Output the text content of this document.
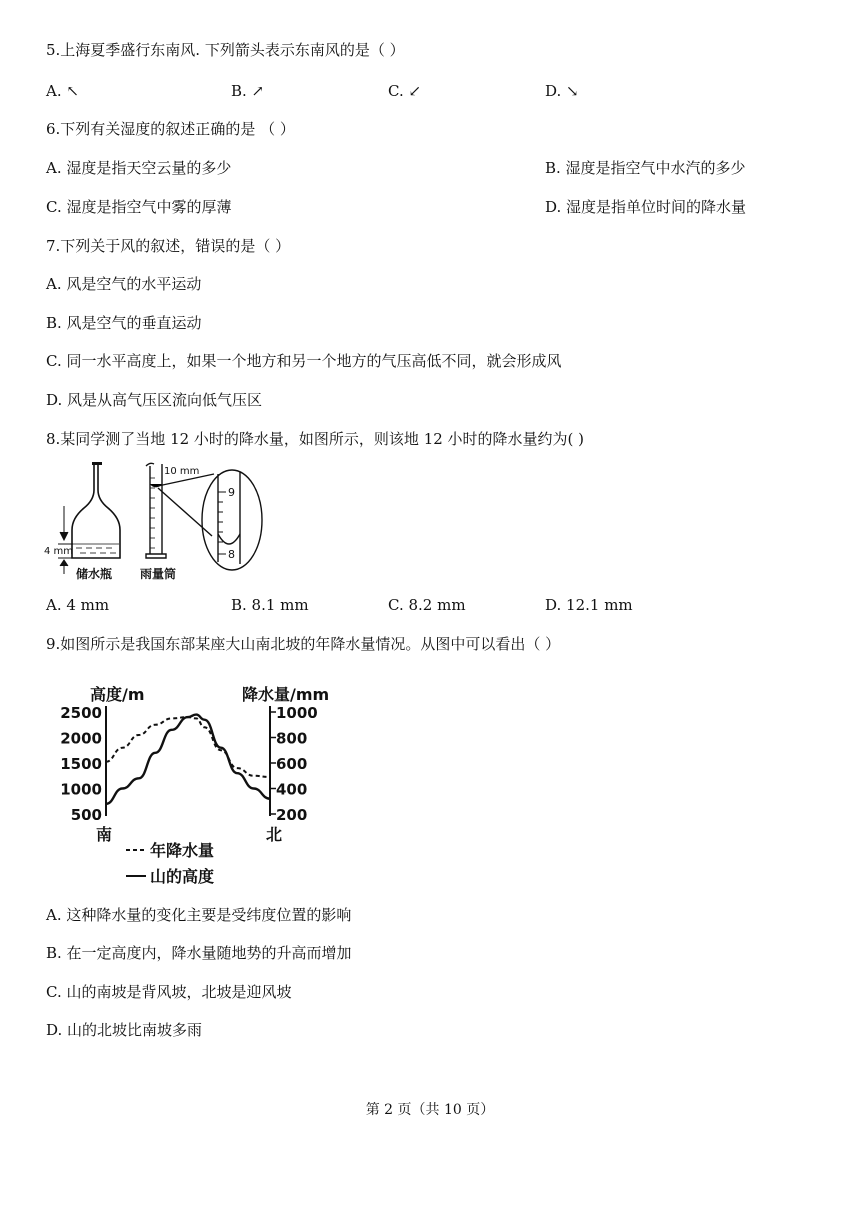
5.上海夏季盛行东南风. 下列箭头表示东南风的是（ ）
A. ↖	B. ↗	C. ↙	D. ↘
6.下列有关湿度的叙述正确的是 （ ）
A. 湿度是指天空云量的多少	B. 湿度是指空气中水汽的多少
C. 湿度是指空气中雾的厚薄	D. 湿度是指单位时间的降水量
7.下列关于风的叙述，错误的是（ ）
A. 风是空气的水平运动
B. 风是空气的垂直运动
C. 同一水平高度上，如果一个地方和另一个地方的气压高低不同，就会形成风
D. 风是从高气压区流向低气压区
8.某同学测了当地 12 小时的降水量，如图所示，则该地 12 小时的降水量约为( )
4 mm
储水瓶
10 mm
雨量筒
9
8
A. 4 mm	B. 8.1 mm	C. 8.2 mm	D. 12.1 mm
9.如图所示是我国东部某座大山南北坡的年降水量情况。从图中可以看出（ ）
高度/m	降水量/mm
2500
2000
1500
1000
500
1000
800
600
400
200
南	北
年降水量
山的高度
A. 这种降水量的变化主要是受纬度位置的影响
B. 在一定高度内，降水量随地势的升高而增加
C. 山的南坡是背风坡，北坡是迎风坡
D. 山的北坡比南坡多雨
第 2 页（共 10 页）
